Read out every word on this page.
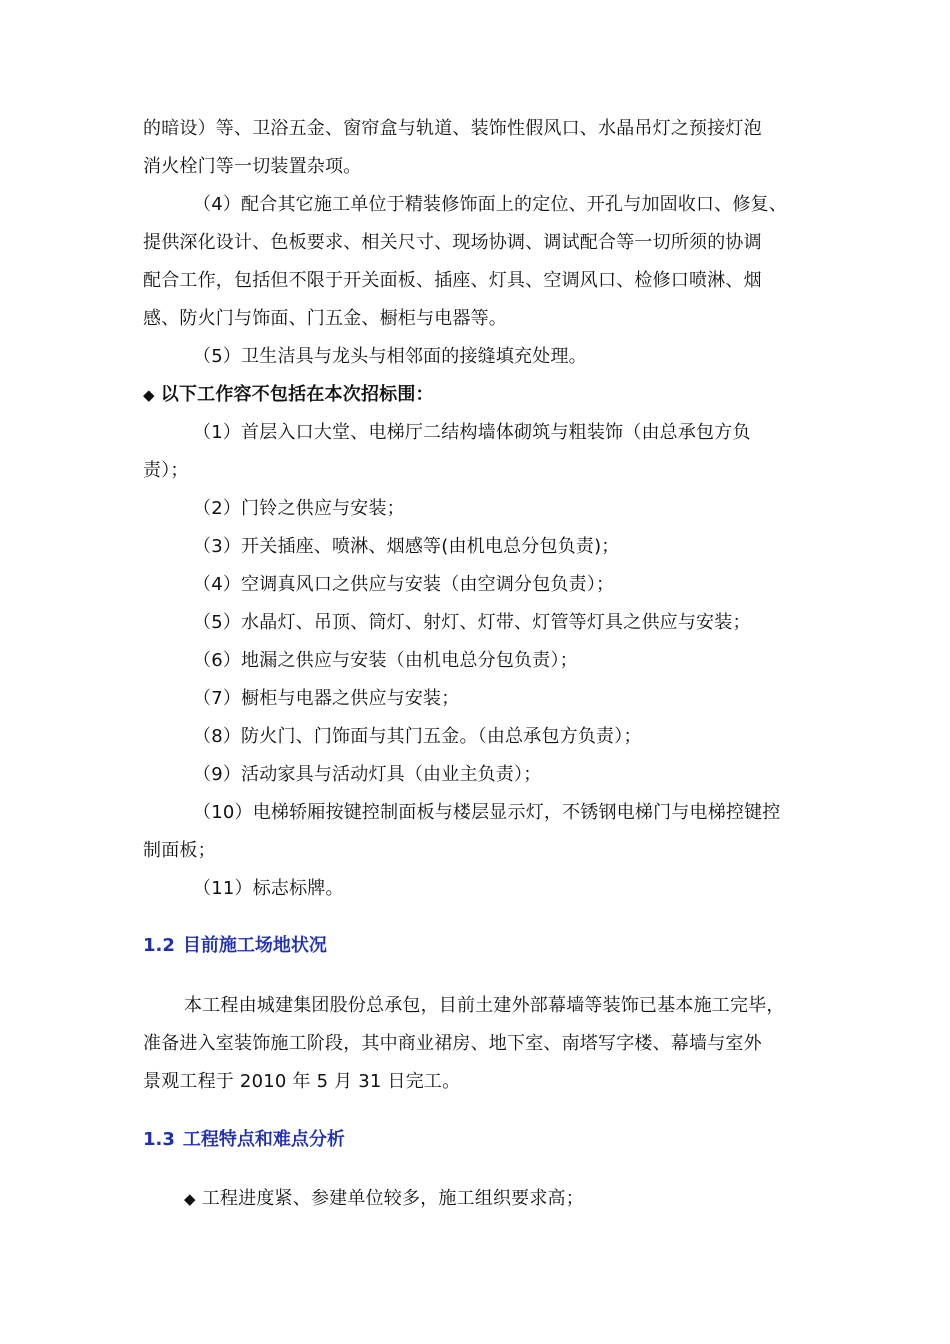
的暗设）等、卫浴五金、窗帘盒与轨道、装饰性假风口、水晶吊灯之预接灯泡
消火栓门等一切装置杂项。
（4）配合其它施工单位于精装修饰面上的定位、开孔与加固收口、修复、
提供深化设计、色板要求、相关尺寸、现场协调、调试配合等一切所须的协调
配合工作，包括但不限于开关面板、插座、灯具、空调风口、检修口喷淋、烟
感、防火门与饰面、门五金、橱柜与电器等。
（5）卫生洁具与龙头与相邻面的接缝填充处理。
◆ 以下工作容不包括在本次招标围：
（1）首层入口大堂、电梯厅二结构墙体砌筑与粗装饰（由总承包方负
责）；
（2）门铃之供应与安装；
（3）开关插座、喷淋、烟感等(由机电总分包负责)；
（4）空调真风口之供应与安装（由空调分包负责）；
（5）水晶灯、吊顶、筒灯、射灯、灯带、灯管等灯具之供应与安装；
（6）地漏之供应与安装（由机电总分包负责）；
（7）橱柜与电器之供应与安装；
（8）防火门、门饰面与其门五金。（由总承包方负责）；
（9）活动家具与活动灯具（由业主负责）；
（10）电梯轿厢按键控制面板与楼层显示灯，不锈钢电梯门与电梯控键控
制面板；
（11）标志标牌。
1.2 目前施工场地状况
本工程由城建集团股份总承包，目前土建外部幕墙等装饰已基本施工完毕，
准备进入室装饰施工阶段，其中商业裙房、地下室、南塔写字楼、幕墙与室外
景观工程于 2010 年 5 月 31 日完工。
1.3 工程特点和难点分析
◆ 工程进度紧、参建单位较多，施工组织要求高；
